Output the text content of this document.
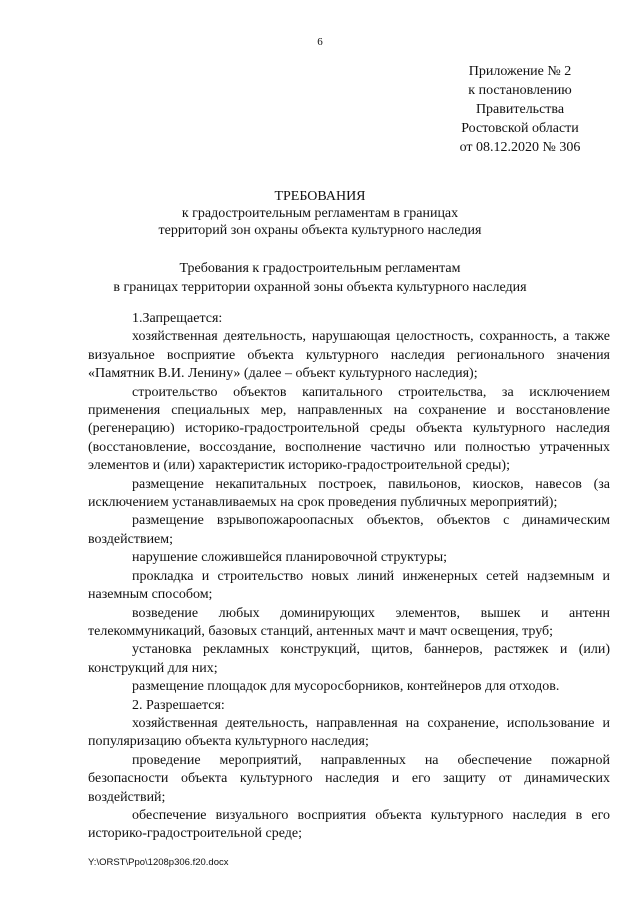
6
Приложение № 2
к постановлению
Правительства
Ростовской области
от 08.12.2020 № 306
ТРЕБОВАНИЯ
к градостроительным регламентам в границах
территорий зон охраны объекта культурного наследия
Требования к градостроительным регламентам
в границах территории охранной зоны объекта культурного наследия

1.Запрещается:

хозяйственная деятельность, нарушающая целостность, сохранность, а также визуальное восприятие объекта культурного наследия регионального значения «Памятник В.И. Ленину» (далее – объект культурного наследия);

строительство объектов капитального строительства, за исключением применения специальных мер, направленных на сохранение и восстановление (регенерацию) историко-градостроительной среды объекта культурного наследия (восстановление, воссоздание, восполнение частично или полностью утраченных элементов и (или) характеристик историко-градостроительной среды);

размещение некапитальных построек, павильонов, киосков, навесов (за исключением устанавливаемых на срок проведения публичных мероприятий);

размещение взрывопожароопасных объектов, объектов с динамическим воздействием;

нарушение сложившейся планировочной структуры;

прокладка и строительство новых линий инженерных сетей надземным и наземным способом;

возведение любых доминирующих элементов, вышек и антенн телекоммуникаций, базовых станций, антенных мачт и мачт освещения, труб;

установка рекламных конструкций, щитов, баннеров, растяжек и (или) конструкций для них;

размещение площадок для мусоросборников, контейнеров для отходов.

2. Разрешается:

хозяйственная деятельность, направленная на сохранение, использование и популяризацию объекта культурного наследия;

проведение мероприятий, направленных на обеспечение пожарной безопасности объекта культурного наследия и его защиту от динамических воздействий;

обеспечение визуального восприятия объекта культурного наследия в его историко-градостроительной среде;

Y:\ORST\Ppo\1208p306.f20.docx
